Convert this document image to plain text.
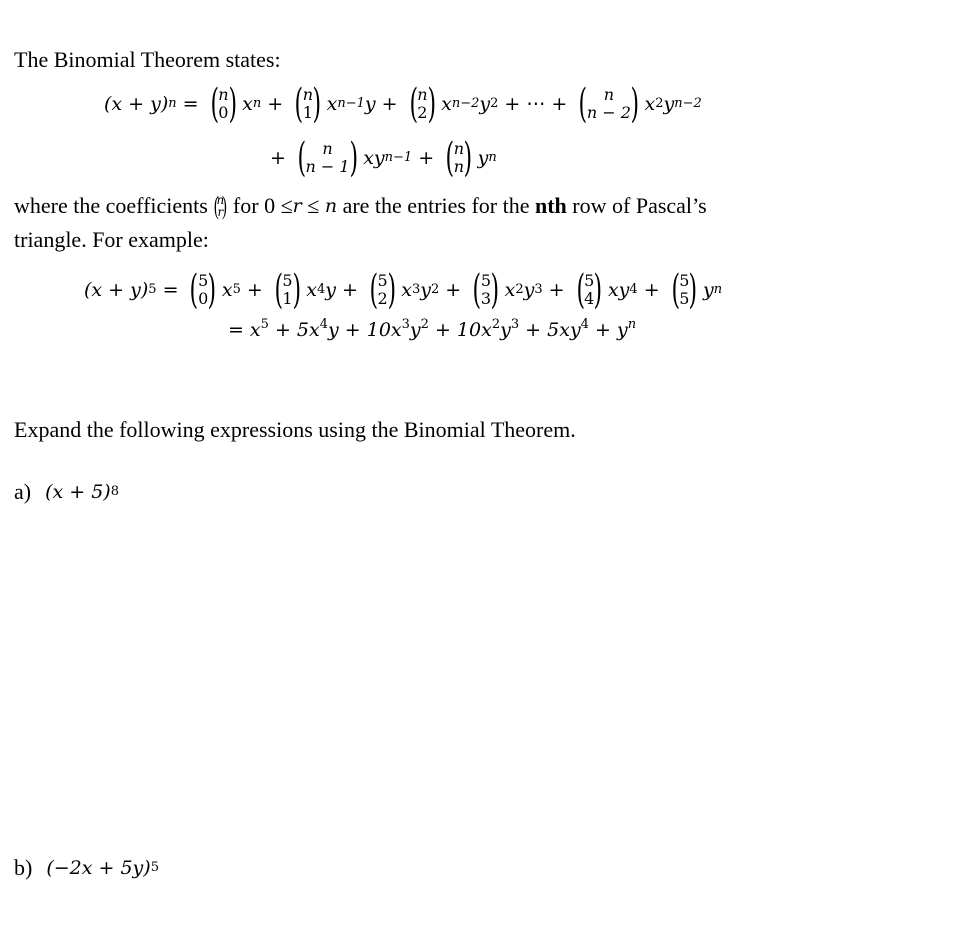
The Binomial Theorem states:
(x + y) n = ( n
0 ) x n + ( n
1 ) x n−1 y + ( n
2 ) x n−2 y 2 + ⋯ + ( n
n − 2 ) x 2 y n−2
+ ( n
n − 1 ) xy n−1 + ( n
n ) y n
where the coefficients (
n
r
) for 0 ≤ r ≤ n are the entries for the n th row of Pascal’s
triangle. For example:
(x + y) 5 = ( 5
0 ) x 5 + ( 5
1 ) x 4 y + ( 5
2 ) x 3 y 2 + ( 5
3 ) x 2 y 3 + ( 5
4 ) xy 4 + ( 5
5 ) y n
= $x^5 + 5x^4y + 10x^3y^2 + 10x^2y^3 + 5xy^4 + y^n$
Expand the following expressions using the Binomial Theorem.
a) (x + 5) 8
b) (−2x + 5y) 5
